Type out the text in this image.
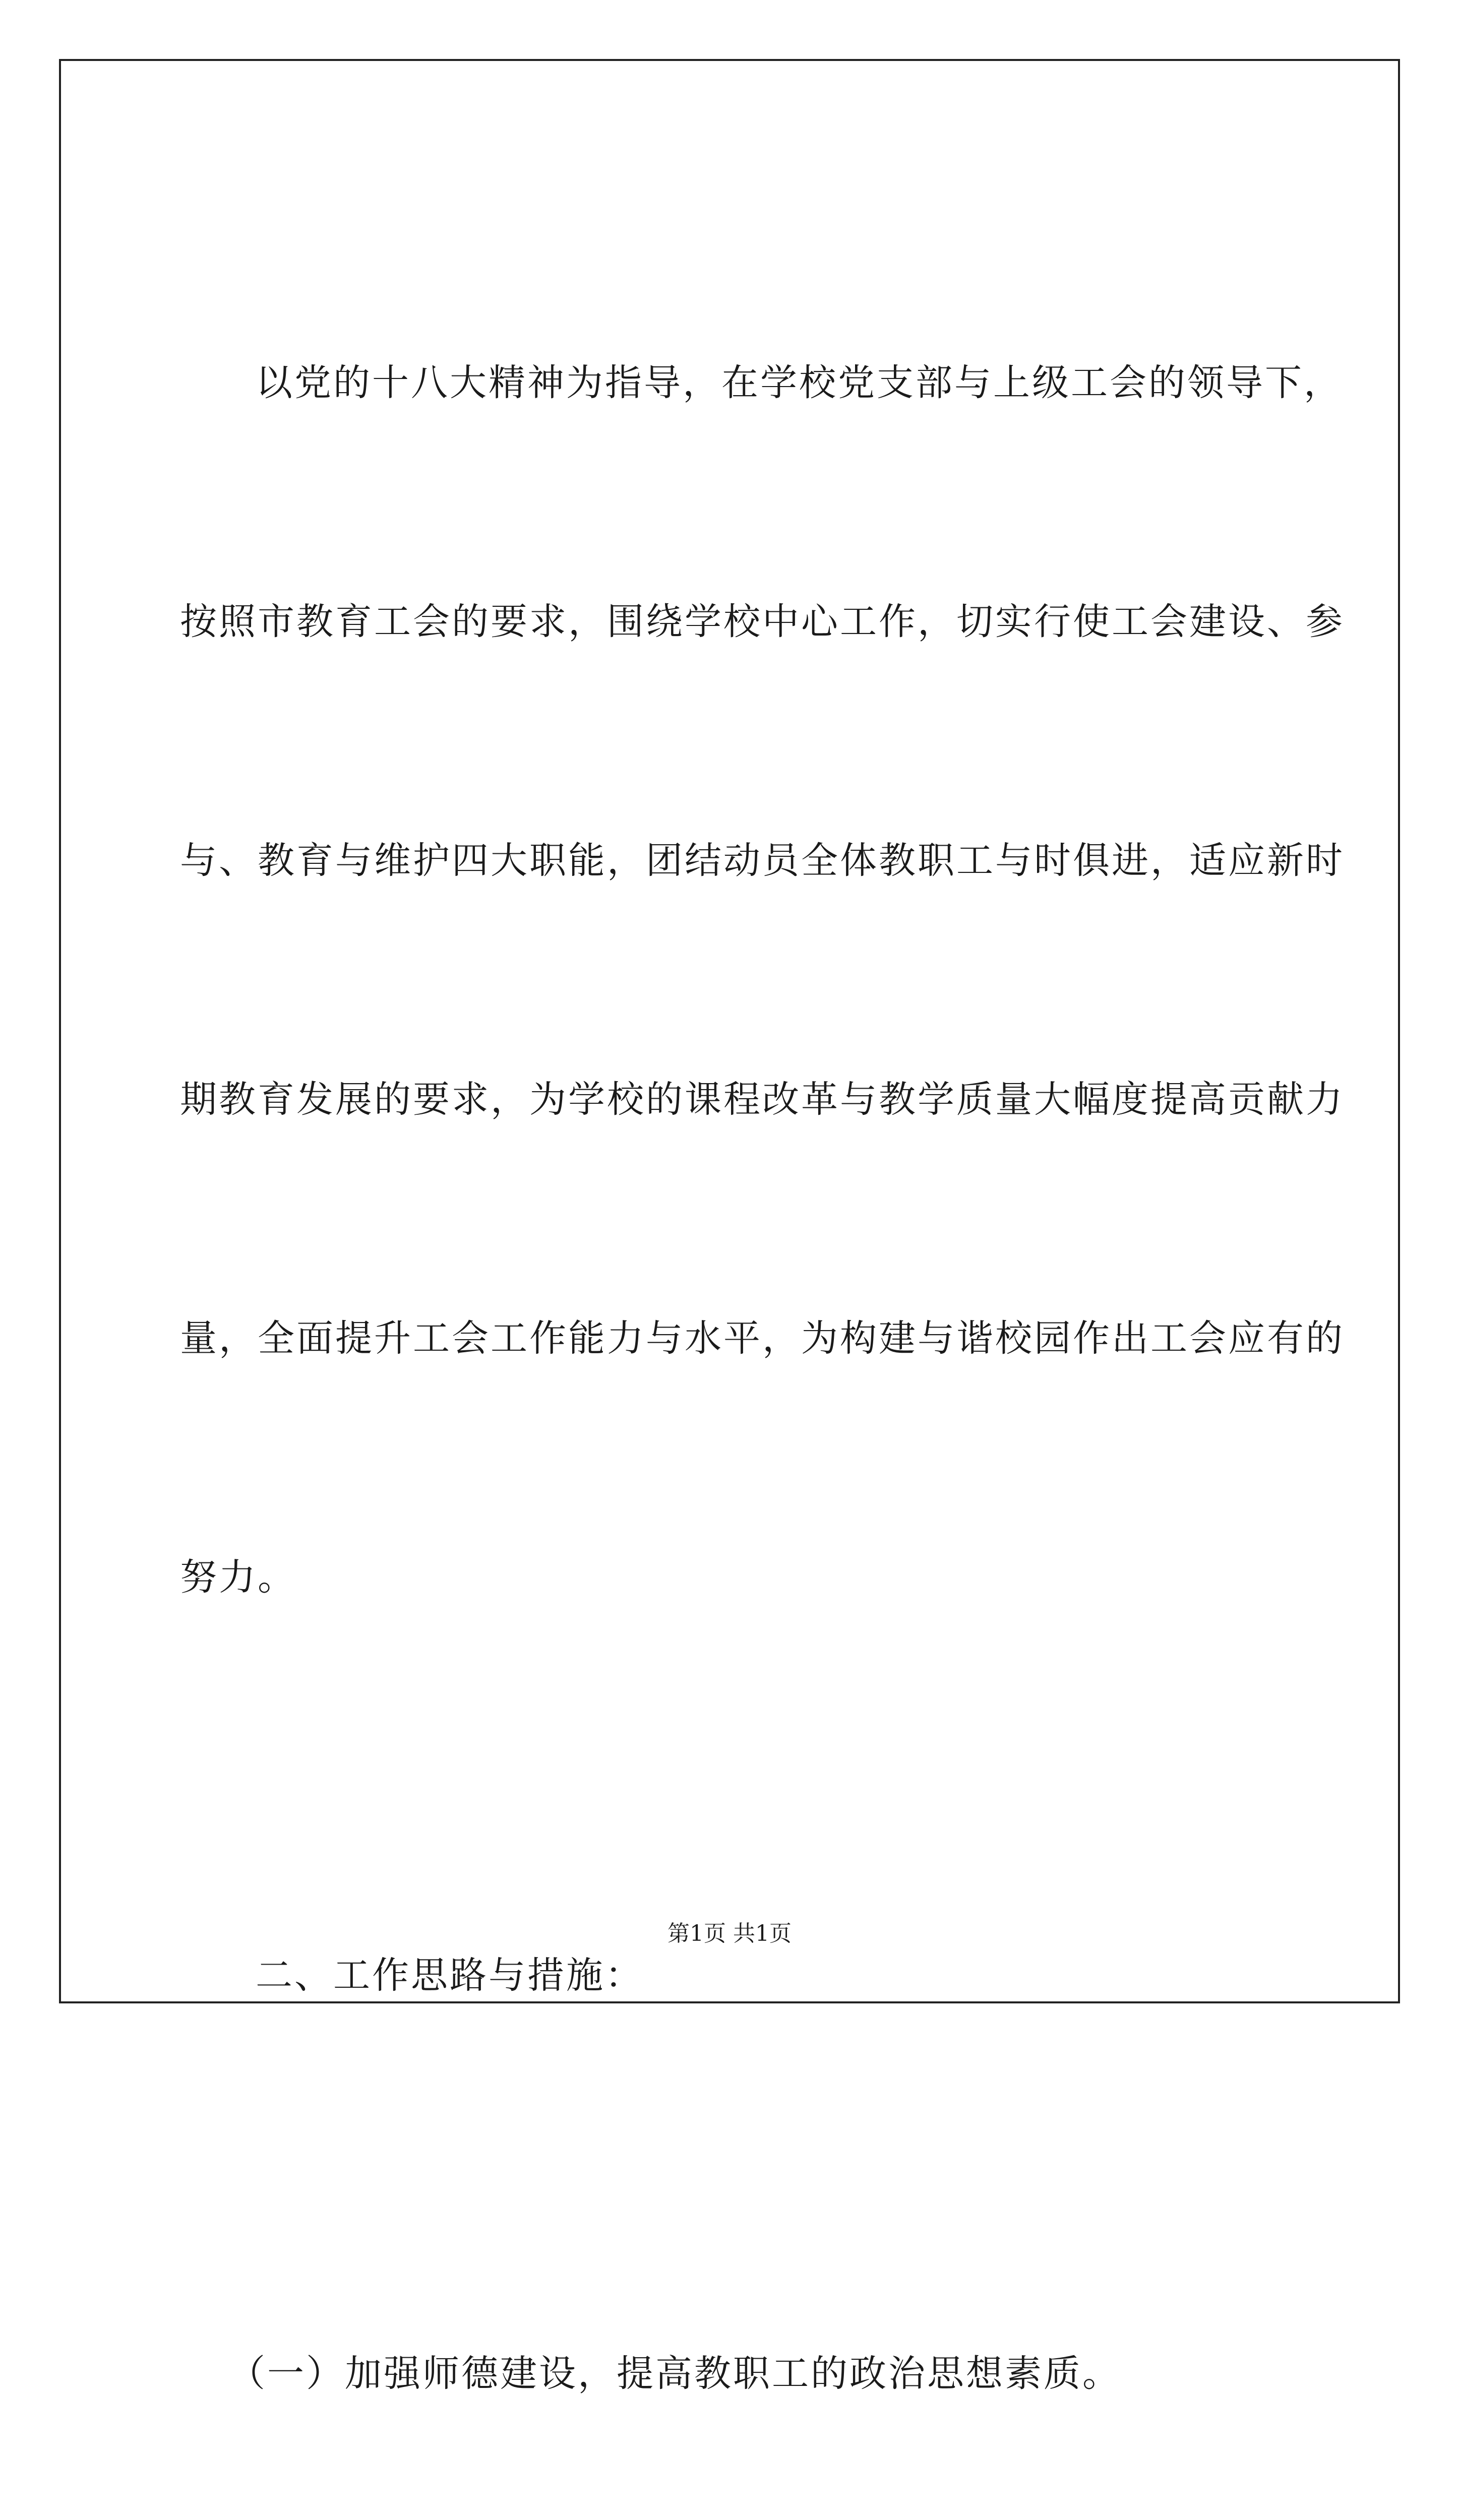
以党的十八大精神为指导，在学校党支部与上级工会的领导下，

按照市教育工会的要求，围绕学校中心工作，切实行使工会建设、参

与、教育与维护四大职能，团结动员全体教职工与时俱进，适应新时

期教育发展的要求，为学校的课程改革与教学质量大幅度提高贡献力

量，全面提升工会工作能力与水平，为构建与谐校园作出工会应有的

努力。

二、工作思路与措施：

（一）加强师德建设，提高教职工的政治思想素质。

第1页 共1页
